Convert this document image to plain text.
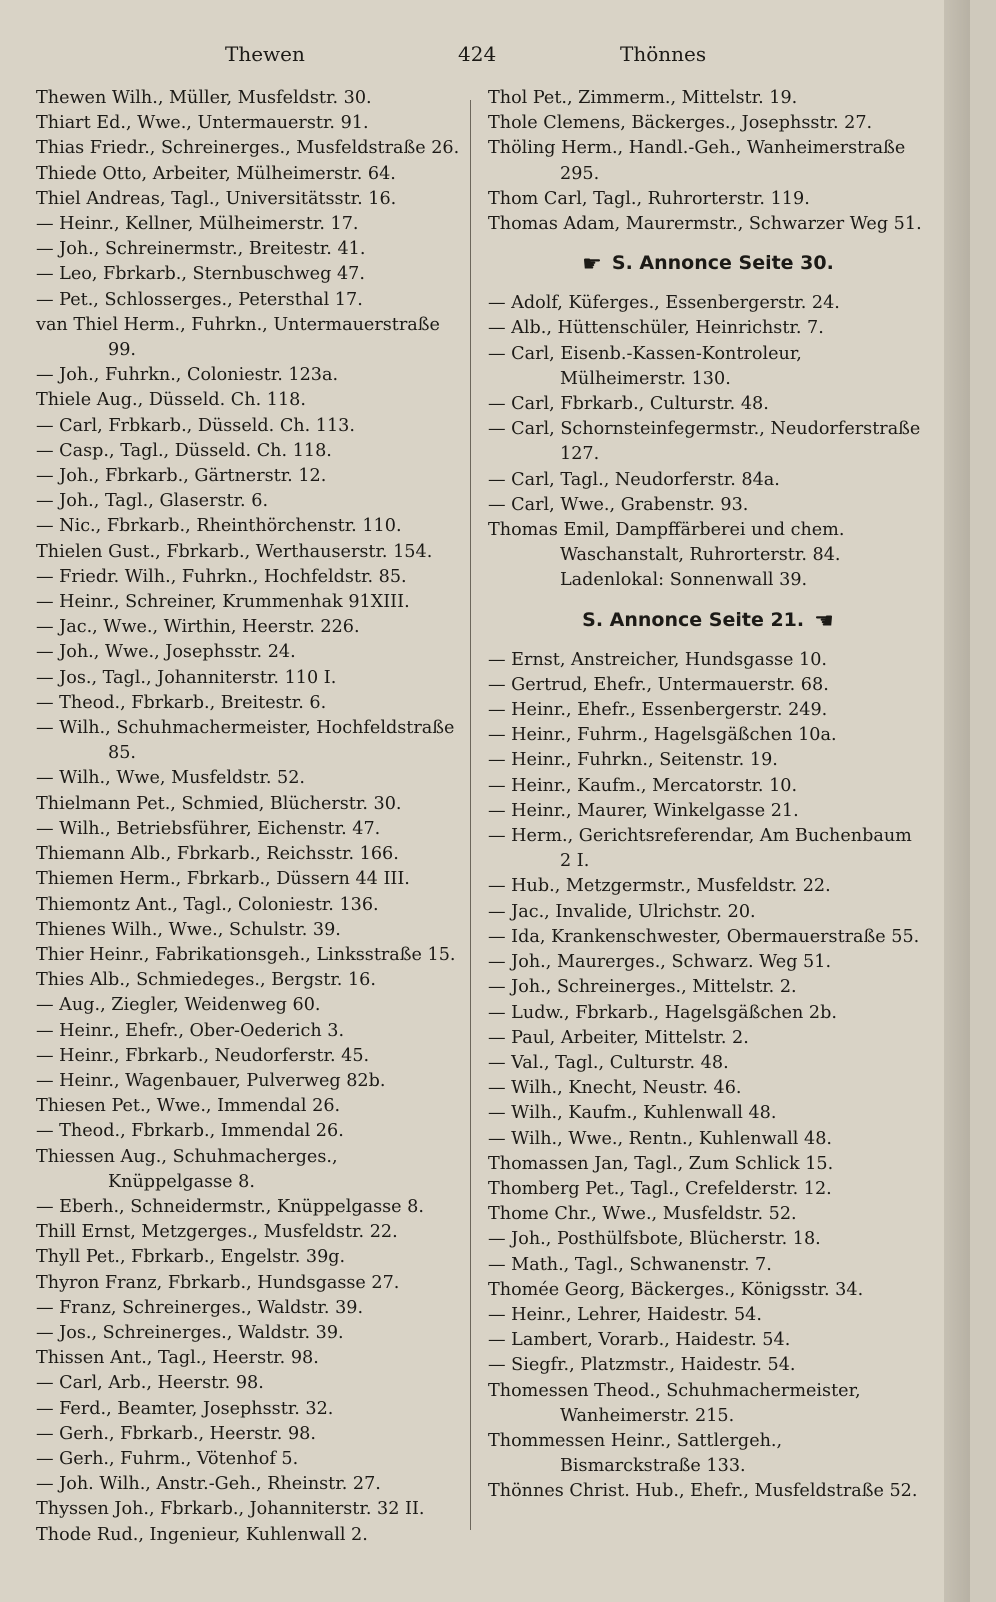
Thewen	424	Thönnes
Thewen Wilh., Müller, Musfeldstr. 30.
Thiart Ed., Wwe., Untermauerstr. 91.
Thias Friedr., Schreinerges., Musfeldstraße 26.
Thiede Otto, Arbeiter, Mülheimerstr. 64.
Thiel Andreas, Tagl., Universitätsstr. 16.
— Heinr., Kellner, Mülheimerstr. 17.
— Joh., Schreinermstr., Breitestr. 41.
— Leo, Fbrkarb., Sternbuschweg 47.
— Pet., Schlosserges., Petersthal 17.
van Thiel Herm., Fuhrkn., Untermauerstraße 99.
— Joh., Fuhrkn., Coloniestr. 123a.
Thiele Aug., Düsseld. Ch. 118.
— Carl, Frbkarb., Düsseld. Ch. 113.
— Casp., Tagl., Düsseld. Ch. 118.
— Joh., Fbrkarb., Gärtnerstr. 12.
— Joh., Tagl., Glaserstr. 6.
— Nic., Fbrkarb., Rheinthörchenstr. 110.
Thielen Gust., Fbrkarb., Werthauserstr. 154.
— Friedr. Wilh., Fuhrkn., Hochfeldstr. 85.
— Heinr., Schreiner, Krummenhak 91XIII.
— Jac., Wwe., Wirthin, Heerstr. 226.
— Joh., Wwe., Josephsstr. 24.
— Jos., Tagl., Johanniterstr. 110 I.
— Theod., Fbrkarb., Breitestr. 6.
— Wilh., Schuhmachermeister, Hochfeldstraße 85.
— Wilh., Wwe, Musfeldstr. 52.
Thielmann Pet., Schmied, Blücherstr. 30.
— Wilh., Betriebsführer, Eichenstr. 47.
Thiemann Alb., Fbrkarb., Reichsstr. 166.
Thiemen Herm., Fbrkarb., Düssern 44 III.
Thiemontz Ant., Tagl., Coloniestr. 136.
Thienes Wilh., Wwe., Schulstr. 39.
Thier Heinr., Fabrikationsgeh., Linksstraße 15.
Thies Alb., Schmiedeges., Bergstr. 16.
— Aug., Ziegler, Weidenweg 60.
— Heinr., Ehefr., Ober-Oederich 3.
— Heinr., Fbrkarb., Neudorferstr. 45.
— Heinr., Wagenbauer, Pulverweg 82b.
Thiesen Pet., Wwe., Immendal 26.
— Theod., Fbrkarb., Immendal 26.
Thiessen Aug., Schuhmacherges., Knüppelgasse 8.
— Eberh., Schneidermstr., Knüppelgasse 8.
Thill Ernst, Metzgerges., Musfeldstr. 22.
Thyll Pet., Fbrkarb., Engelstr. 39g.
Thyron Franz, Fbrkarb., Hundsgasse 27.
— Franz, Schreinerges., Waldstr. 39.
— Jos., Schreinerges., Waldstr. 39.
Thissen Ant., Tagl., Heerstr. 98.
— Carl, Arb., Heerstr. 98.
— Ferd., Beamter, Josephsstr. 32.
— Gerh., Fbrkarb., Heerstr. 98.
— Gerh., Fuhrm., Vötenhof 5.
— Joh. Wilh., Anstr.-Geh., Rheinstr. 27.
Thyssen Joh., Fbrkarb., Johanniterstr. 32 II.
Thode Rud., Ingenieur, Kuhlenwall 2.
Thol Pet., Zimmerm., Mittelstr. 19.
Thole Clemens, Bäckerges., Josephsstr. 27.
Thöling Herm., Handl.-Geh., Wanheimerstraße 295.
Thom Carl, Tagl., Ruhrorterstr. 119.
Thomas Adam, Maurermstr., Schwarzer Weg 51.
☛ S. Annonce Seite 30.
— Adolf, Küferges., Essenbergerstr. 24.
— Alb., Hüttenschüler, Heinrichstr. 7.
— Carl, Eisenb.-Kassen-Kontroleur, Mülheimerstr. 130.
— Carl, Fbrkarb., Culturstr. 48.
— Carl, Schornsteinfegermstr., Neudorferstraße 127.
— Carl, Tagl., Neudorferstr. 84a.
— Carl, Wwe., Grabenstr. 93.
Thomas Emil, Dampffärberei und chem. Waschanstalt, Ruhrorterstr. 84. Ladenlokal: Sonnenwall 39.
S. Annonce Seite 21. ☚
— Ernst, Anstreicher, Hundsgasse 10.
— Gertrud, Ehefr., Untermauerstr. 68.
— Heinr., Ehefr., Essenbergerstr. 249.
— Heinr., Fuhrm., Hagelsgäßchen 10a.
— Heinr., Fuhrkn., Seitenstr. 19.
— Heinr., Kaufm., Mercatorstr. 10.
— Heinr., Maurer, Winkelgasse 21.
— Herm., Gerichtsreferendar, Am Buchenbaum 2 I.
— Hub., Metzgermstr., Musfeldstr. 22.
— Jac., Invalide, Ulrichstr. 20.
— Ida, Krankenschwester, Obermauerstraße 55.
— Joh., Maurerges., Schwarz. Weg 51.
— Joh., Schreinerges., Mittelstr. 2.
— Ludw., Fbrkarb., Hagelsgäßchen 2b.
— Paul, Arbeiter, Mittelstr. 2.
— Val., Tagl., Culturstr. 48.
— Wilh., Knecht, Neustr. 46.
— Wilh., Kaufm., Kuhlenwall 48.
— Wilh., Wwe., Rentn., Kuhlenwall 48.
Thomassen Jan, Tagl., Zum Schlick 15.
Thomberg Pet., Tagl., Crefelderstr. 12.
Thome Chr., Wwe., Musfeldstr. 52.
— Joh., Posthülfsbote, Blücherstr. 18.
— Math., Tagl., Schwanenstr. 7.
Thomée Georg, Bäckerges., Königsstr. 34.
— Heinr., Lehrer, Haidestr. 54.
— Lambert, Vorarb., Haidestr. 54.
— Siegfr., Platzmstr., Haidestr. 54.
Thomessen Theod., Schuhmachermeister, Wanheimerstr. 215.
Thommessen Heinr., Sattlergeh., Bismarckstraße 133.
Thönnes Christ. Hub., Ehefr., Musfeldstraße 52.
